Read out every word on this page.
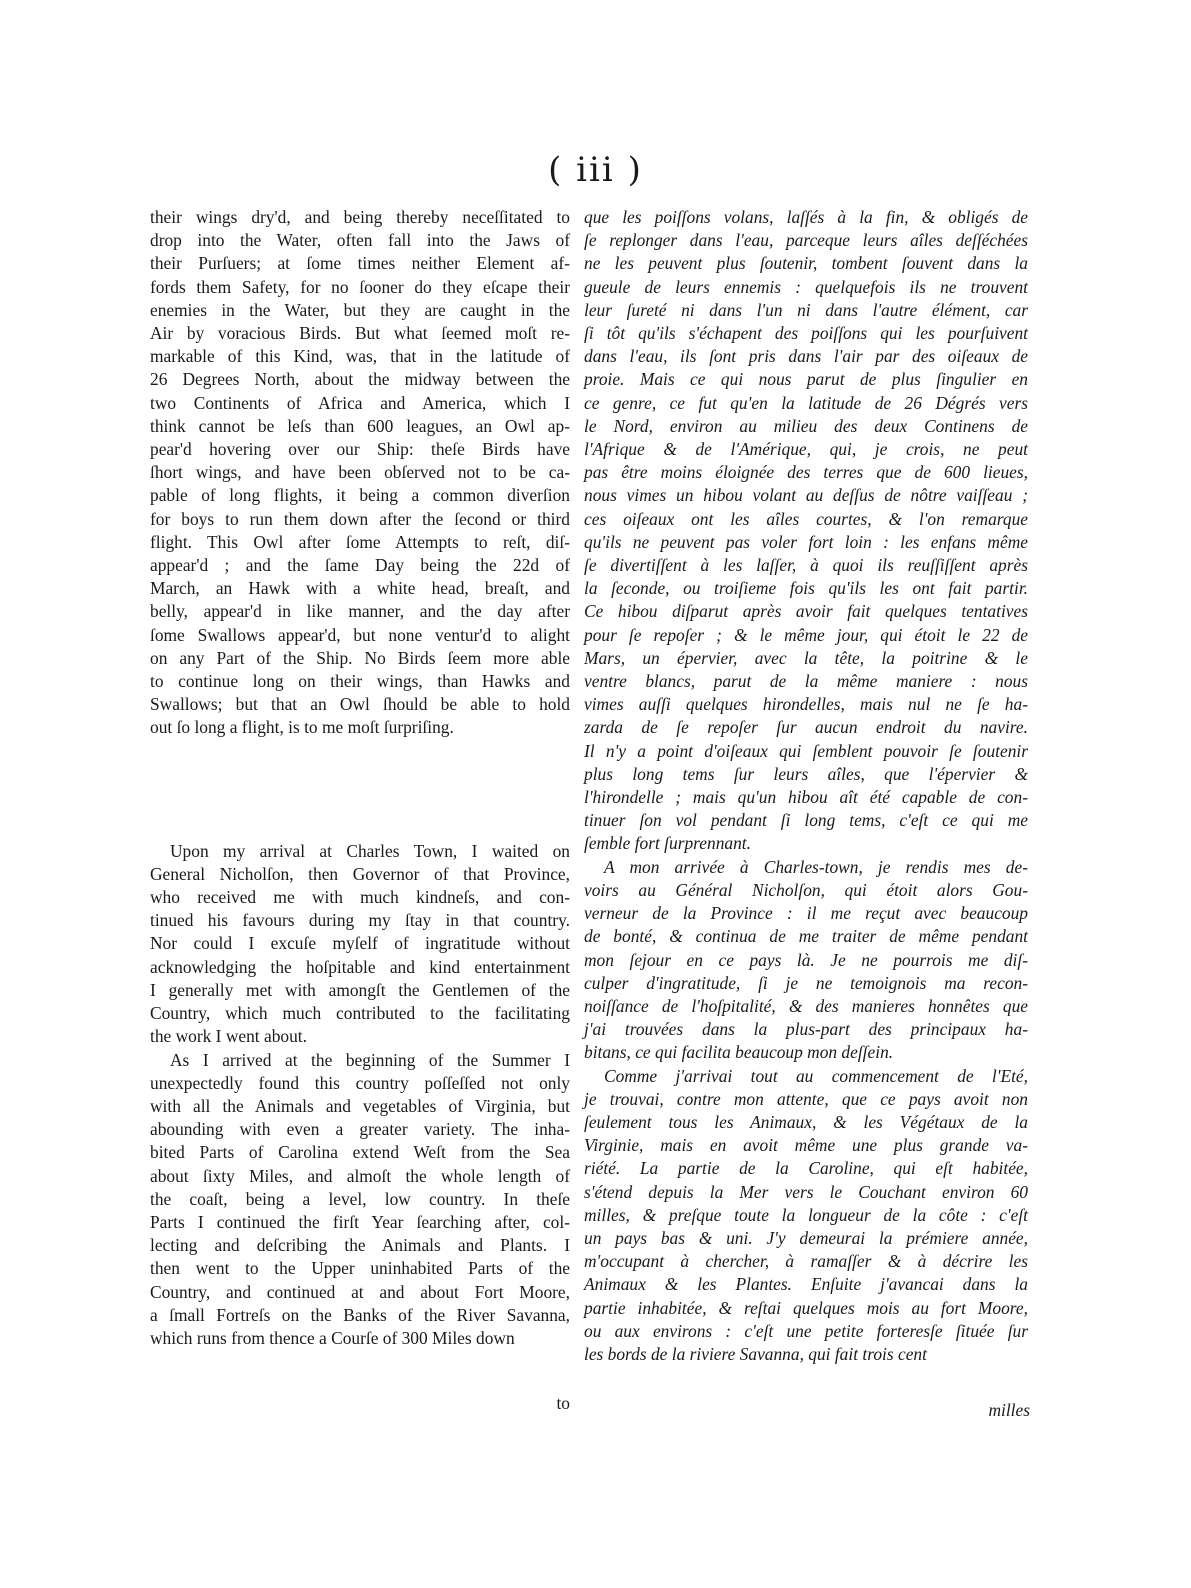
( iii )

their wings dry'd, and being thereby neceſſitated to
drop into the Water, often fall into the Jaws of
their Purſuers; at ſome times neither Element af-
fords them Safety, for no ſooner do they eſcape their
enemies in the Water, but they are caught in the
Air by voracious Birds. But what ſeemed moſt re-
markable of this Kind, was, that in the latitude of
26 Degrees North, about the midway between the
two Continents of Africa and America, which I
think cannot be leſs than 600 leagues, an Owl ap-
pear'd hovering over our Ship: theſe Birds have
ſhort wings, and have been obſerved not to be ca-
pable of long flights, it being a common diverſion
for boys to run them down after the ſecond or third
flight. This Owl after ſome Attempts to reſt, diſ-
appear'd ; and the ſame Day being the 22d of
March, an Hawk with a white head, breaſt, and
belly, appear'd in like manner, and the day after
ſome Swallows appear'd, but none ventur'd to alight
on any Part of the Ship. No Birds ſeem more able
to continue long on their wings, than Hawks and
Swallows; but that an Owl ſhould be able to hold
out ſo long a flight, is to me moſt ſurpriſing.

Upon my arrival at Charles Town, I waited on
General Nicholſon, then Governor of that Province,
who received me with much kindneſs, and con-
tinued his favours during my ſtay in that country.
Nor could I excuſe myſelf of ingratitude without
acknowledging the hoſpitable and kind entertainment
I generally met with amongſt the Gentlemen of the
Country, which much contributed to the facilitating
the work I went about.

As I arrived at the beginning of the Summer I
unexpectedly found this country poſſeſſed not only
with all the Animals and vegetables of Virginia, but
abounding with even a greater variety. The inha-
bited Parts of Carolina extend Weſt from the Sea
about ſixty Miles, and almoſt the whole length of
the coaſt, being a level, low country. In theſe
Parts I continued the firſt Year ſearching after, col-
lecting and deſcribing the Animals and Plants. I
then went to the Upper uninhabited Parts of the
Country, and continued at and about Fort Moore,
a ſmall Fortreſs on the Banks of the River Savanna,
which runs from thence a Courſe of 300 Miles down

to

que les poiſſons volans, laſſés à la fin, & obligés de
ſe replonger dans l'eau, parceque leurs aîles deſſéchées
ne les peuvent plus ſoutenir, tombent ſouvent dans la
gueule de leurs ennemis : quelquefois ils ne trouvent
leur ſureté ni dans l'un ni dans l'autre élément, car
ſi tôt qu'ils s'échapent des poiſſons qui les pourſuivent
dans l'eau, ils ſont pris dans l'air par des oiſeaux de
proie. Mais ce qui nous parut de plus ſingulier en
ce genre, ce fut qu'en la latitude de 26 Dégrés vers
le Nord, environ au milieu des deux Continens de
l'Afrique & de l'Amérique, qui, je crois, ne peut
pas être moins éloignée des terres que de 600 lieues,
nous vimes un hibou volant au deſſus de nôtre vaiſſeau ;
ces oiſeaux ont les aîles courtes, & l'on remarque
qu'ils ne peuvent pas voler fort loin : les enfans même
ſe divertiſſent à les laſſer, à quoi ils reuſſiſſent après
la ſeconde, ou troiſieme fois qu'ils les ont fait partir.
Ce hibou diſparut après avoir fait quelques tentatives
pour ſe repoſer ; & le même jour, qui étoit le 22 de
Mars, un épervier, avec la tête, la poitrine & le
ventre blancs, parut de la même maniere : nous
vimes auſſi quelques hirondelles, mais nul ne ſe ha-
zarda de ſe repoſer ſur aucun endroit du navire.
Il n'y a point d'oiſeaux qui ſemblent pouvoir ſe ſoutenir
plus long tems ſur leurs aîles, que l'épervier &
l'hirondelle ; mais qu'un hibou aît été capable de con-
tinuer ſon vol pendant ſi long tems, c'eſt ce qui me
ſemble fort ſurprennant.

A mon arrivée à Charles-town, je rendis mes de-
voirs au Général Nicholſon, qui étoit alors Gou-
verneur de la Province : il me reçut avec beaucoup
de bonté, & continua de me traiter de même pendant
mon ſejour en ce pays là. Je ne pourrois me diſ-
culper d'ingratitude, ſi je ne temoignois ma recon-
noiſſance de l'hoſpitalité, & des manieres honnêtes que
j'ai trouvées dans la plus-part des principaux ha-
bitans, ce qui facilita beaucoup mon deſſein.

Comme j'arrivai tout au commencement de l'Eté,
je trouvai, contre mon attente, que ce pays avoit non
ſeulement tous les Animaux, & les Végétaux de la
Virginie, mais en avoit même une plus grande va-
riété. La partie de la Caroline, qui eſt habitée,
s'étend depuis la Mer vers le Couchant environ 60
milles, & preſque toute la longueur de la côte : c'eſt
un pays bas & uni. J'y demeurai la prémiere année,
m'occupant à chercher, à ramaſſer & à décrire les
Animaux & les Plantes. Enſuite j'avancai dans la
partie inhabitée, & reſtai quelques mois au fort Moore,
ou aux environs : c'eſt une petite forteresſe ſituée ſur
les bords de la riviere Savanna, qui fait trois cent

milles
